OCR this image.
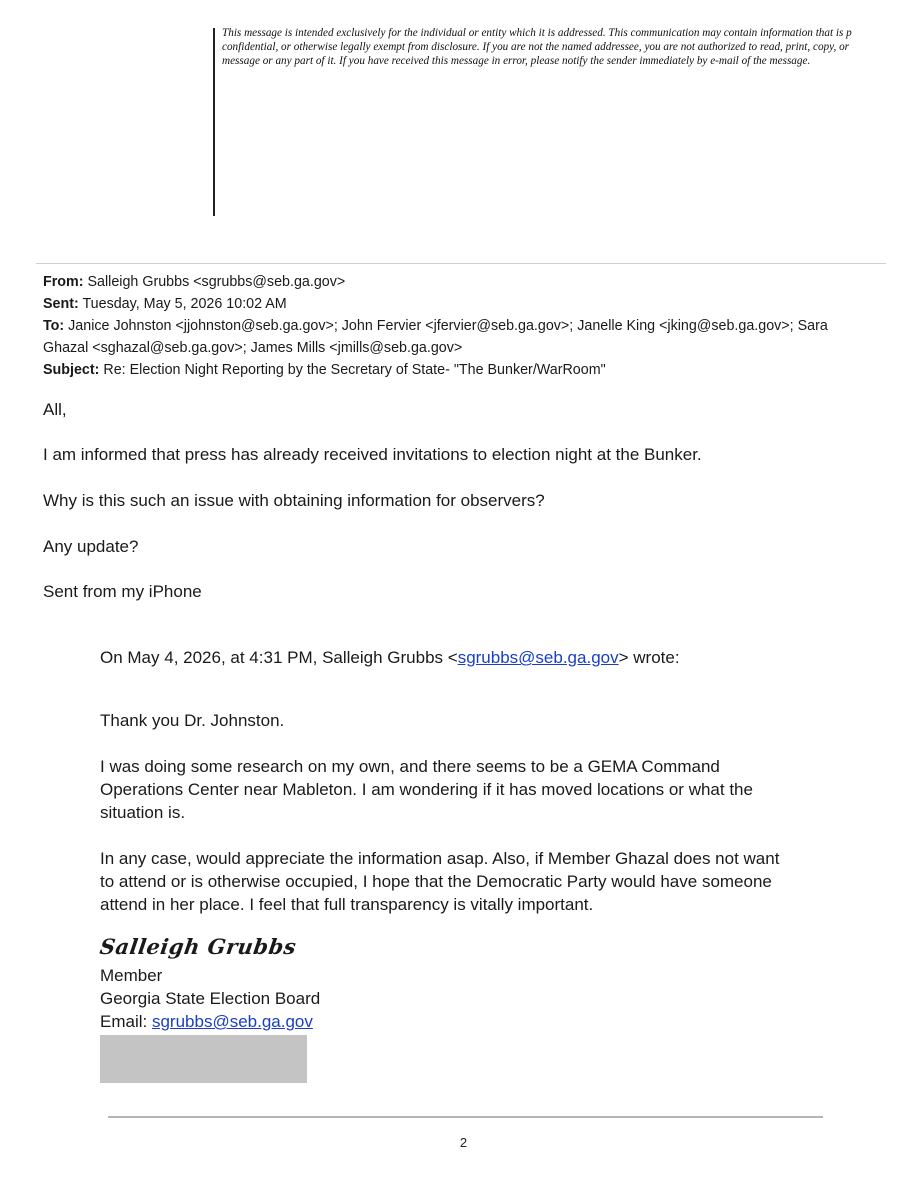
This message is intended exclusively for the individual or entity which it is addressed. This communication may contain information that is p
confidential, or otherwise legally exempt from disclosure. If you are not the named addressee, you are not authorized to read, print, copy, or
message or any part of it. If you have received this message in error, please notify the sender immediately by e-mail of the message.
From: Salleigh Grubbs <sgrubbs@seb.ga.gov>
Sent: Tuesday, May 5, 2026 10:02 AM
To: Janice Johnston <jjohnston@seb.ga.gov>; John Fervier <jfervier@seb.ga.gov>; Janelle King <jking@seb.ga.gov>; Sara
Ghazal <sghazal@seb.ga.gov>; James Mills <jmills@seb.ga.gov>
Subject: Re: Election Night Reporting by the Secretary of State- "The Bunker/WarRoom"
All,
I am informed that press has already received invitations to election night at the Bunker.
Why is this such an issue with obtaining information for observers?
Any update?
Sent from my iPhone
On May 4, 2026, at 4:31 PM, Salleigh Grubbs <sgrubbs@seb.ga.gov> wrote:
Thank you Dr. Johnston.
I was doing some research on my own, and there seems to be a GEMA Command
Operations Center near Mableton. I am wondering if it has moved locations or what the
situation is.
In any case, would appreciate the information asap. Also, if Member Ghazal does not want
to attend or is otherwise occupied, I hope that the Democratic Party would have someone
attend in her place. I feel that full transparency is vitally important.
Salleigh Grubbs
Member
Georgia State Election Board
Email: sgrubbs@seb.ga.gov
2
